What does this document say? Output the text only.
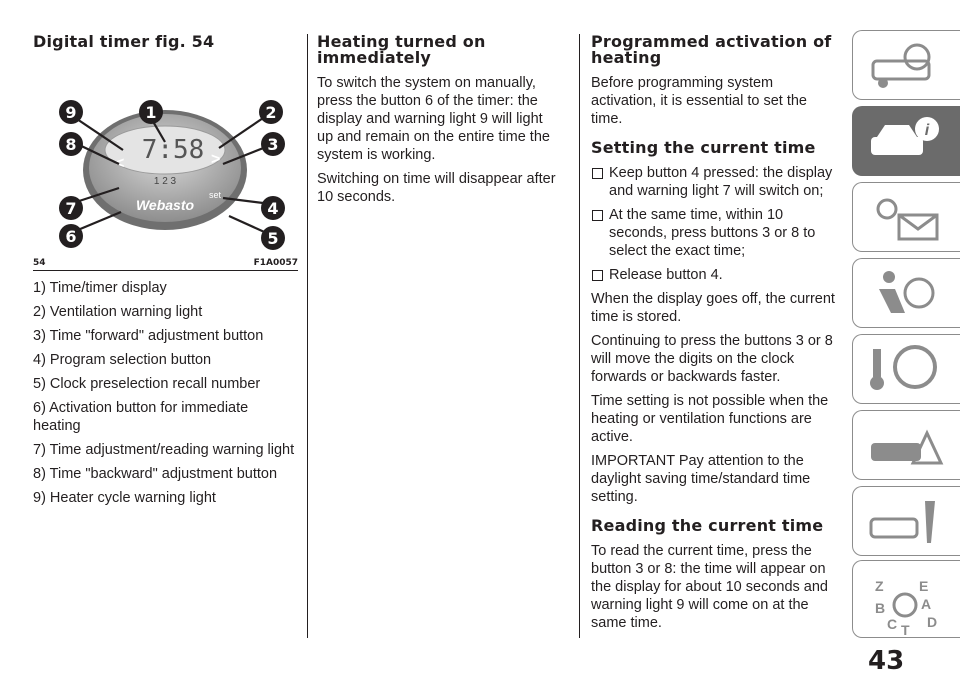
Digital timer fig. 54
7:58
1 2 3
Webasto
set
<	>
9	1	2
8	3
7	4
6	5
54	F1A0057

1) Time/timer display

2) Ventilation warning light

3) Time "forward" adjustment button

4) Program selection button

5) Clock preselection recall number

6) Activation button for immediate heating

7) Time adjustment/reading warning light

8) Time "backward" adjustment button

9) Heater cycle warning light

Heating turned on immediately

To switch the system on manually, press the button 6 of the timer: the display and warning light 9 will light up and remain on the entire time the system is working.

Switching on time will disappear after 10 seconds.

Programmed activation of heating

Before programming system activation, it is essential to set the time.

Setting the current time
Keep button 4 pressed: the display and warning light 7 will switch on;
At the same time, within 10 seconds, press buttons 3 or 8 to select the exact time;
Release button 4.

When the display goes off, the current time is stored.

Continuing to press the buttons 3 or 8 will move the digits on the clock forwards or backwards faster.

Time setting is not possible when the heating or ventilation functions are active.

IMPORTANT Pay attention to the daylight saving time/standard time setting.

Reading the current time

To read the current time, press the button 3 or 8: the time will appear on the display for about 10 seconds and warning light 9 will come on at the same time.

i
Z	E
A
B
C D
T
43
